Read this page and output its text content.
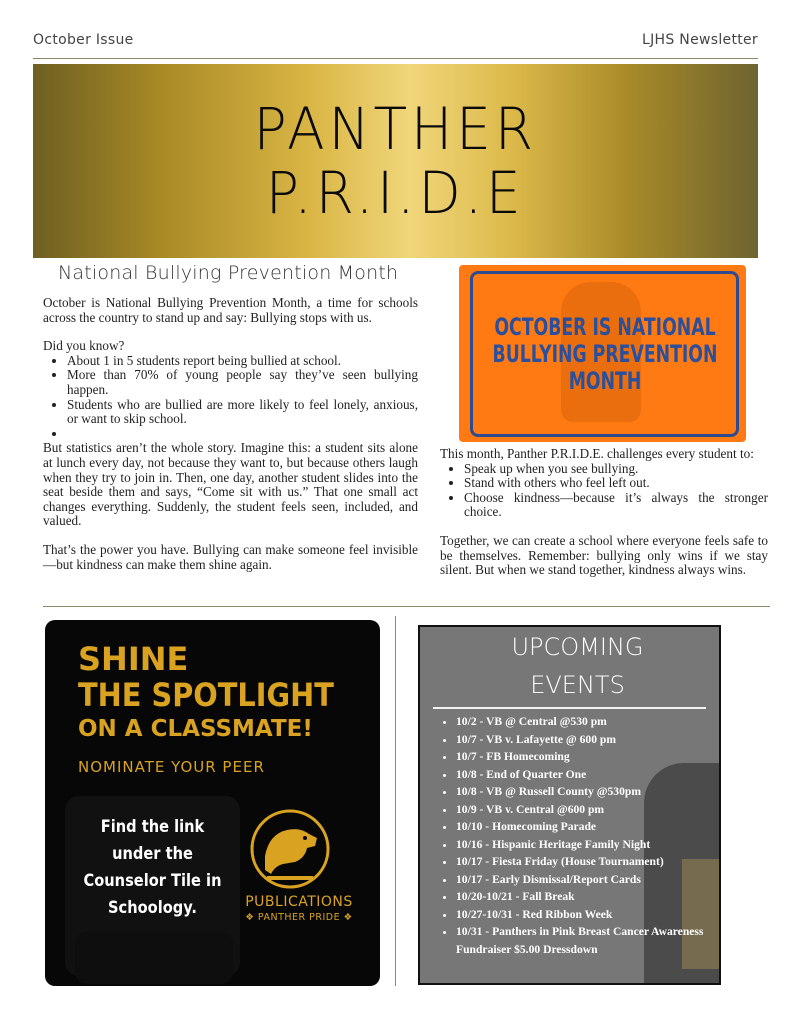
October Issue	LJHS Newsletter
PANTHER
P.R.I.D.E
National Bullying Prevention Month

October is National Bullying Prevention Month, a time for schools across the country to stand up and say: Bullying stops with us.

Did you know?
• About 1 in 5 students report being bullied at school.
• More than 70% of young people say they’ve seen bullying happen.
• Students who are bullied are more likely to feel lonely, anxious, or want to skip school.
•

But statistics aren’t the whole story. Imagine this: a student sits alone at lunch every day, not because they want to, but because others laugh when they try to join in. Then, one day, another student slides into the seat beside them and says, “Come sit with us.” That one small act changes everything. Suddenly, the student feels seen, included, and valued.

That’s the power you have. Bullying can make someone feel invisible—but kindness can make them shine again.

OCTOBER IS NATIONAL BULLYING PREVENTION MONTH
This month, Panther P.R.I.D.E. challenges every student to:
• Speak up when you see bullying.
• Stand with others who feel left out.
• Choose kindness—because it’s always the stronger choice.

Together, we can create a school where everyone feels safe to be themselves. Remember: bullying only wins if we stay silent. But when we stand together, kindness always wins.

SHINE
THE SPOTLIGHT
ON A CLASSMATE!
NOMINATE YOUR PEER
Find the link under the Counselor Tile in Schoology.	PUBLICATIONS
❖ PANTHER PRIDE ❖
UPCOMING
EVENTS
• 10/2 - VB @ Central @530 pm
• 10/7 - VB v. Lafayette @ 600 pm
• 10/7 - FB Homecoming
• 10/8 - End of Quarter One
• 10/8 - VB @ Russell County @530pm
• 10/9 - VB v. Central @600 pm
• 10/10 - Homecoming Parade
• 10/16 - Hispanic Heritage Family Night
• 10/17 - Fiesta Friday (House Tournament)
• 10/17 - Early Dismissal/Report Cards
• 10/20-10/21 - Fall Break
• 10/27-10/31 - Red Ribbon Week
• 10/31 - Panthers in Pink Breast Cancer Awareness Fundraiser $5.00 Dressdown
